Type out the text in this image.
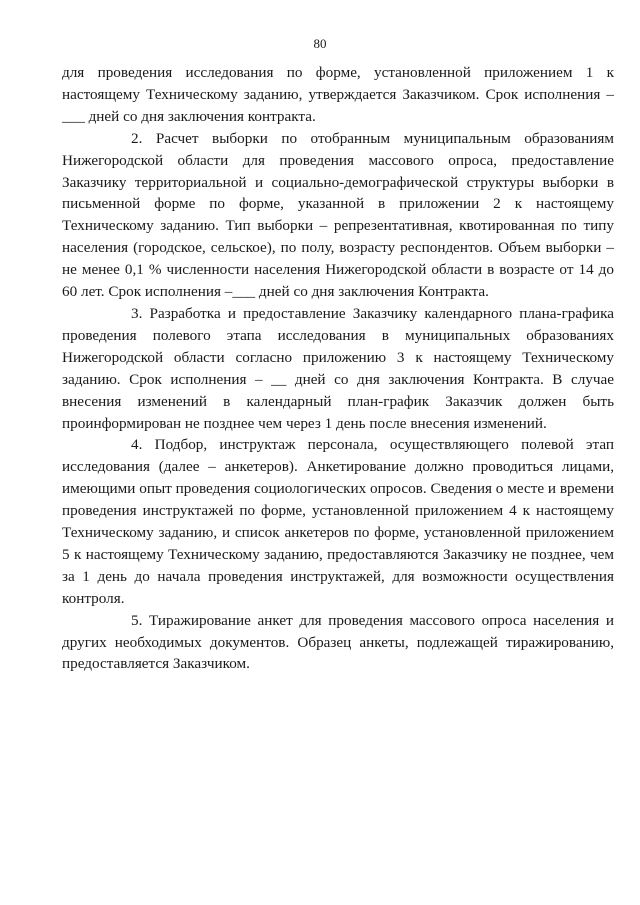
80

для проведения исследования по форме, установленной приложением 1 к настоящему Техническому заданию, утверждается Заказчиком. Срок исполнения – ___ дней со дня заключения контракта.

2. Расчет выборки по отобранным муниципальным образованиям Нижегородской области для проведения массового опроса, предоставление Заказчику территориальной и социально-демографической структуры выборки в письменной форме по форме, указанной в приложении 2 к настоящему Техническому заданию. Тип выборки – репрезентативная, квотированная по типу населения (городское, сельское), по полу, возрасту респондентов. Объем выборки – не менее 0,1 % численности населения Нижегородской области в возрасте от 14 до 60 лет. Срок исполнения –___ дней со дня заключения Контракта.

3. Разработка и предоставление Заказчику календарного плана-графика проведения полевого этапа исследования в муниципальных образованиях Нижегородской области согласно приложению 3 к настоящему Техническому заданию. Срок исполнения – __ дней со дня заключения Контракта. В случае внесения изменений в календарный план-график Заказчик должен быть проинформирован не позднее чем через 1 день после внесения изменений.

4. Подбор, инструктаж персонала, осуществляющего полевой этап исследования (далее – анкетеров). Анкетирование должно проводиться лицами, имеющими опыт проведения социологических опросов. Сведения о месте и времени проведения инструктажей по форме, установленной приложением 4 к настоящему Техническому заданию, и список анкетеров по форме, установленной приложением 5 к настоящему Техническому заданию, предоставляются Заказчику не позднее, чем за 1 день до начала проведения инструктажей, для возможности осуществления контроля.

5. Тиражирование анкет для проведения массового опроса населения и других необходимых документов. Образец анкеты, подлежащей тиражированию, предоставляется Заказчиком.
